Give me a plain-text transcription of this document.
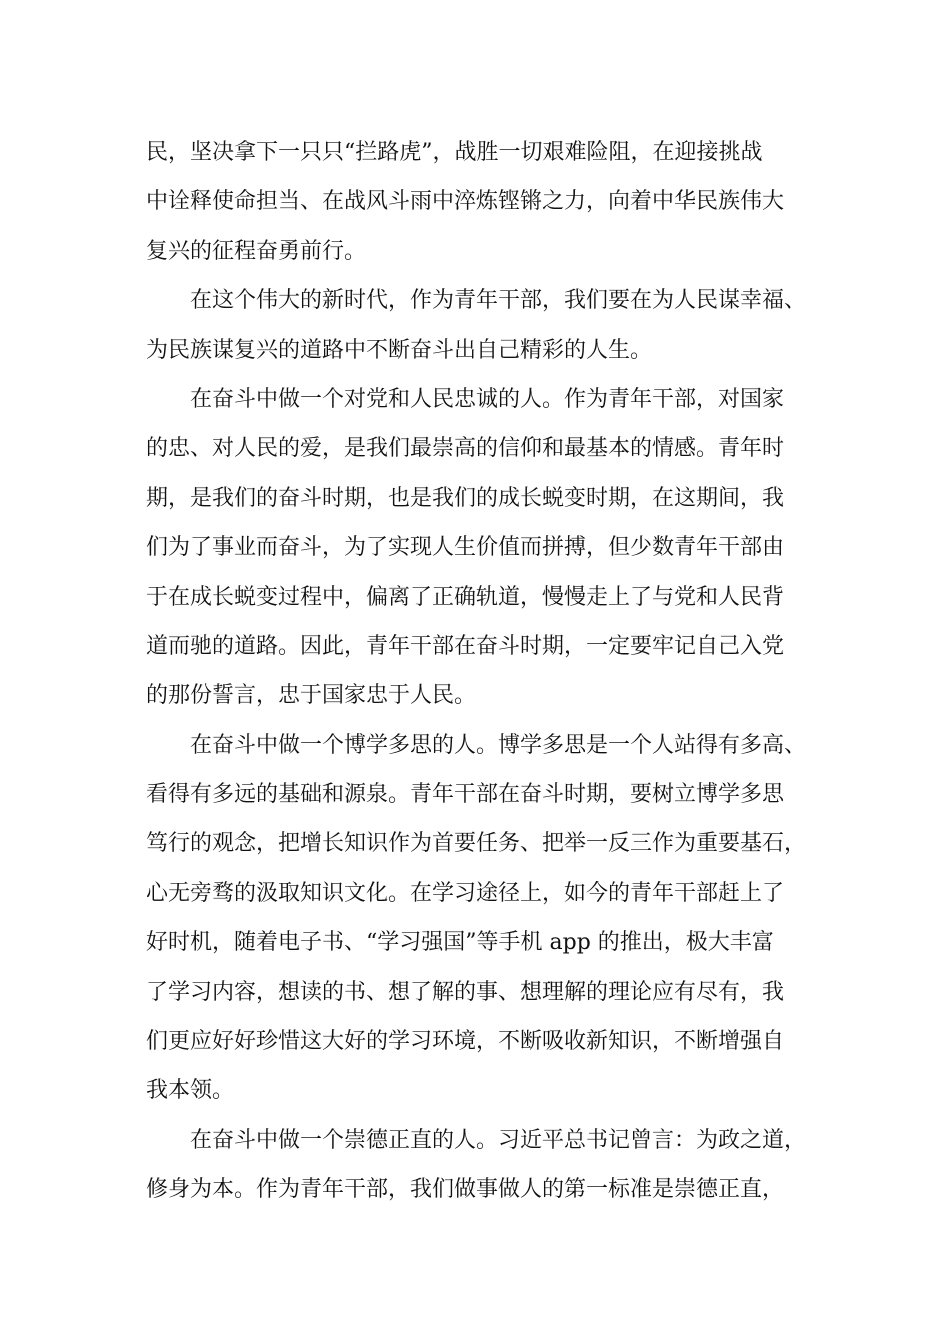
民，坚决拿下一只只“拦路虎”，战胜一切艰难险阻，在迎接挑战
中诠释使命担当、在战风斗雨中淬炼铿锵之力，向着中华民族伟大
复兴的征程奋勇前行。
在这个伟大的新时代，作为青年干部，我们要在为人民谋幸福、
为民族谋复兴的道路中不断奋斗出自己精彩的人生。
在奋斗中做一个对党和人民忠诚的人。作为青年干部，对国家
的忠、对人民的爱，是我们最崇高的信仰和最基本的情感。青年时
期，是我们的奋斗时期，也是我们的成长蜕变时期，在这期间，我
们为了事业而奋斗，为了实现人生价值而拼搏，但少数青年干部由
于在成长蜕变过程中，偏离了正确轨道，慢慢走上了与党和人民背
道而驰的道路。因此，青年干部在奋斗时期，一定要牢记自己入党
的那份誓言，忠于国家忠于人民。
在奋斗中做一个博学多思的人。博学多思是一个人站得有多高、
看得有多远的基础和源泉。青年干部在奋斗时期，要树立博学多思
笃行的观念，把增长知识作为首要任务、把举一反三作为重要基石，
心无旁骛的汲取知识文化。在学习途径上，如今的青年干部赶上了
好时机，随着电子书、“学习强国”等手机 app 的推出，极大丰富
了学习内容，想读的书、想了解的事、想理解的理论应有尽有，我
们更应好好珍惜这大好的学习环境，不断吸收新知识，不断增强自
我本领。
在奋斗中做一个崇德正直的人。习近平总书记曾言：为政之道，
修身为本。作为青年干部，我们做事做人的第一标准是崇德正直，
